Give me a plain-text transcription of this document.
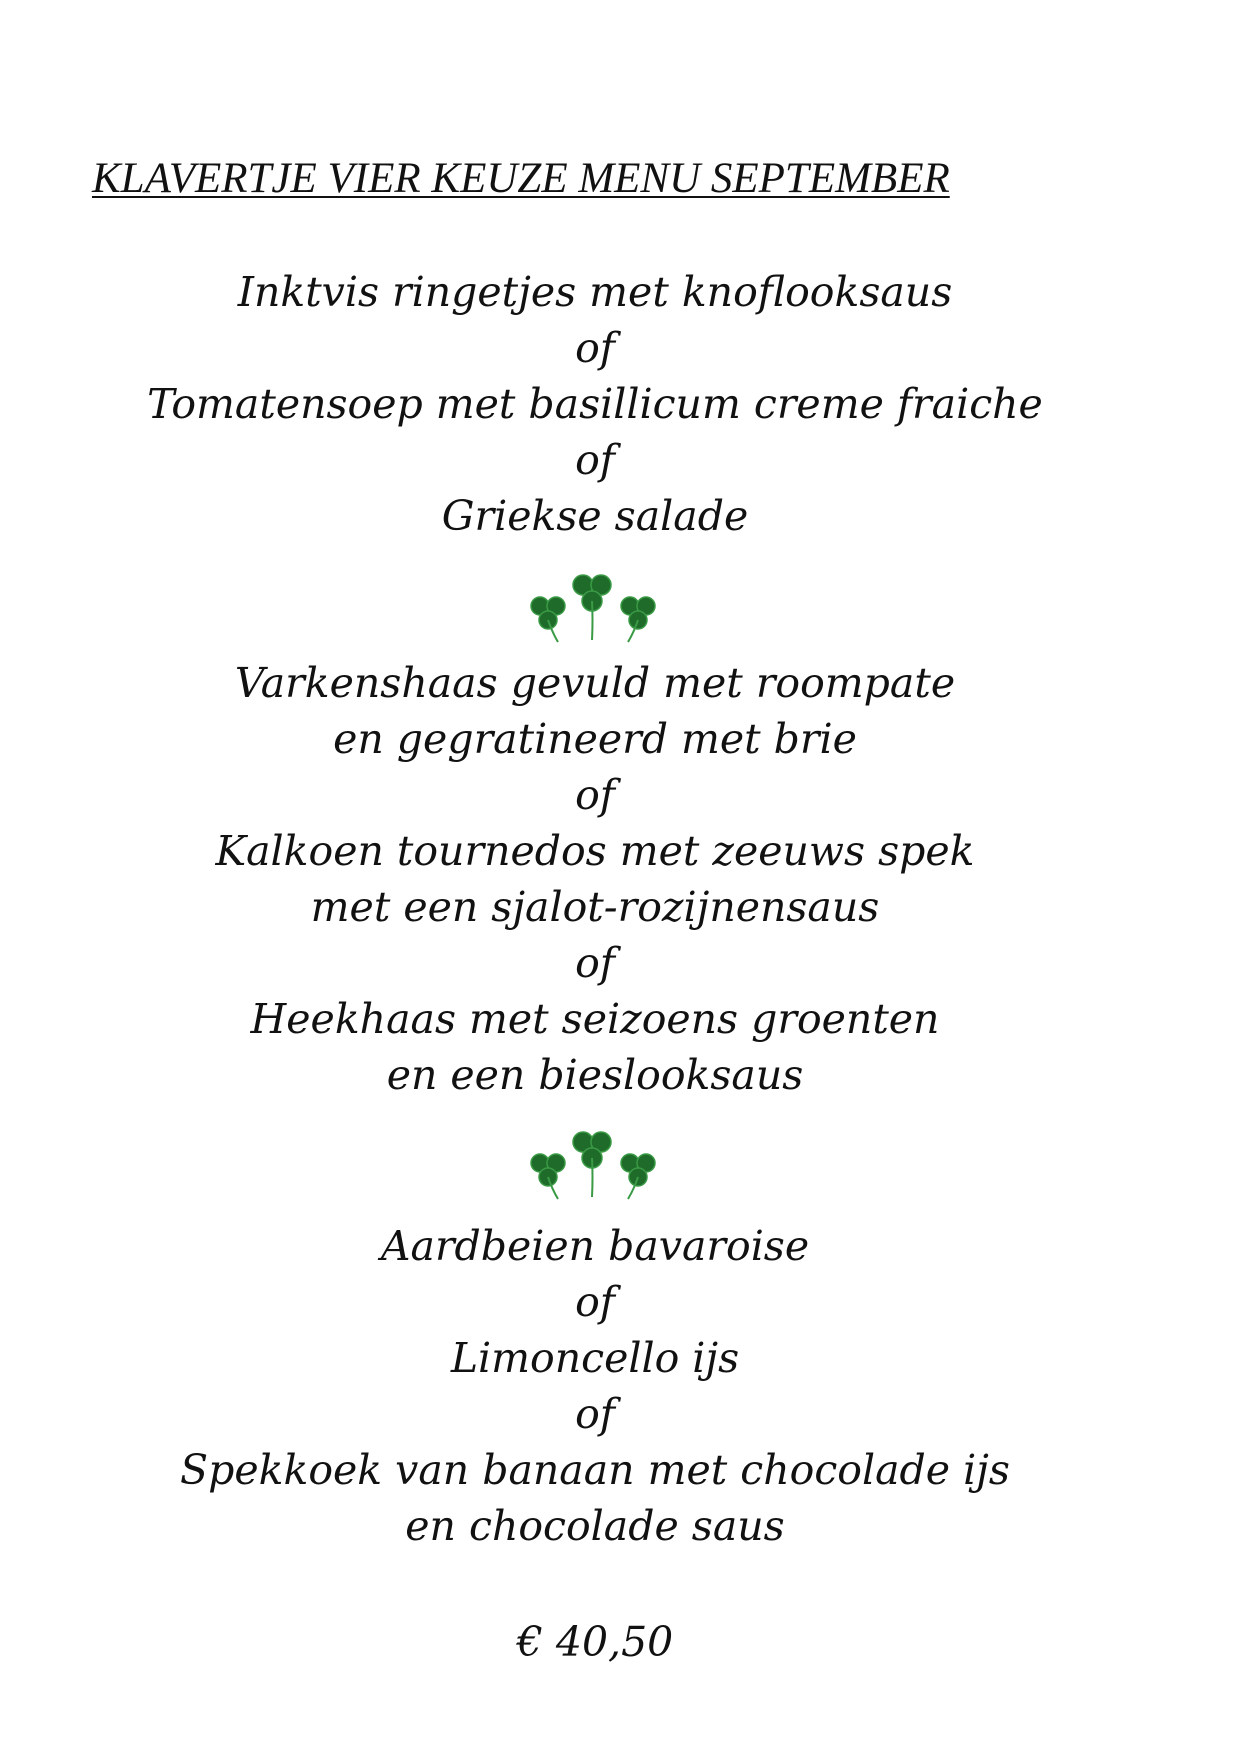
KLAVERTJE VIER KEUZE MENU SEPTEMBER
Inktvis ringetjes met knoflooksaus
of
Tomatensoep met basillicum creme fraiche
of
Griekse salade
Varkenshaas gevuld met roompate
en gegratineerd met brie
of
Kalkoen tournedos met zeeuws spek
met een sjalot-rozijnensaus
of
Heekhaas met seizoens groenten
en een bieslooksaus
Aardbeien bavaroise
of
Limoncello ijs
of
Spekkoek van banaan met chocolade ijs
en chocolade saus
€ 40,50
